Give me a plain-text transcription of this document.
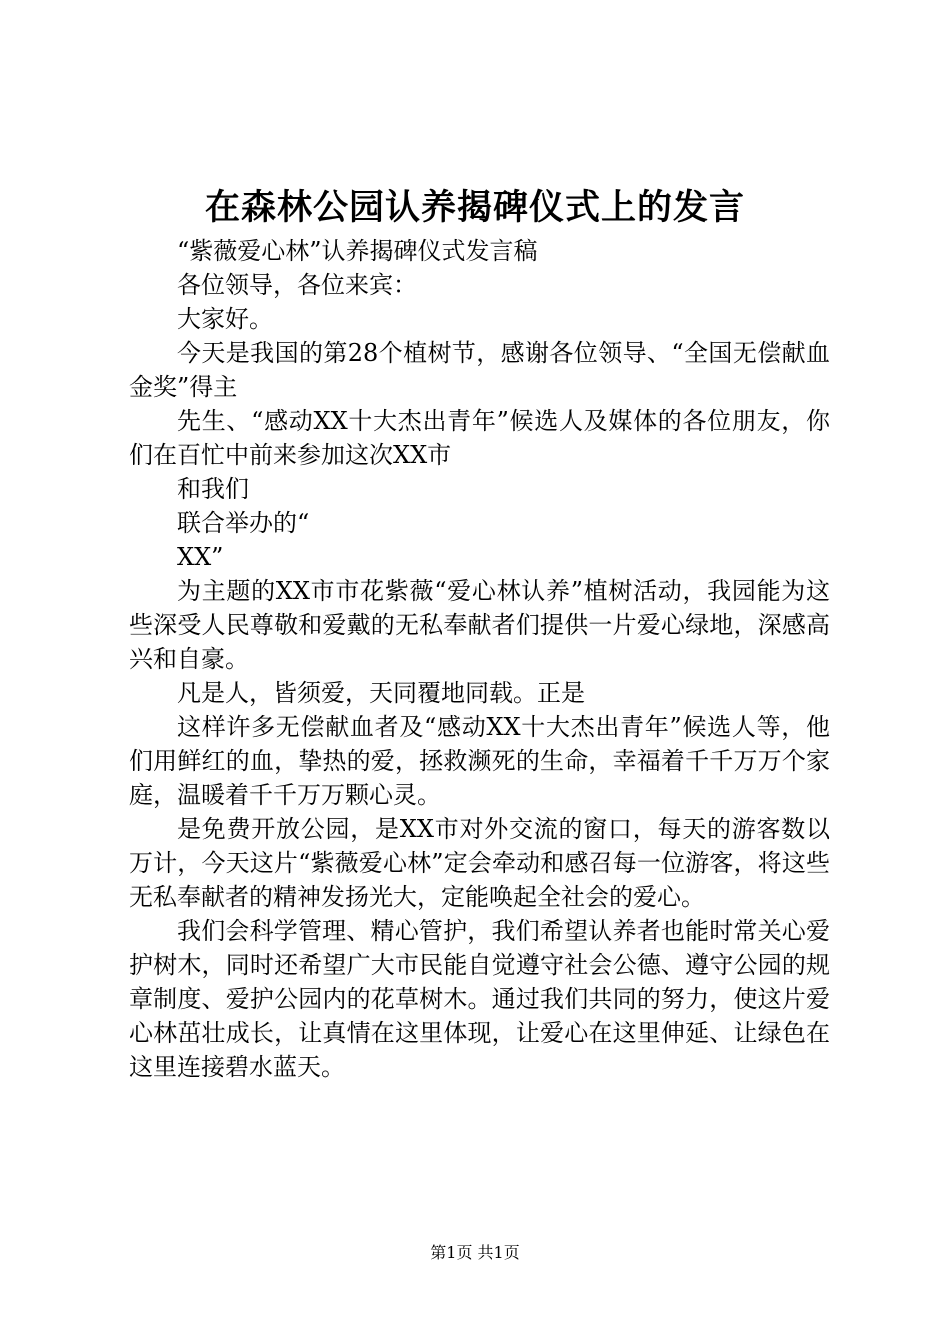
在森林公园认养揭碑仪式上的发言

“紫薇爱心林”认养揭碑仪式发言稿

各位领导，各位来宾：

大家好。

今天是我国的第28个植树节，感谢各位领导、“全国无偿献血金奖”得主

先生、“感动XX十大杰出青年”候选人及媒体的各位朋友，你们在百忙中前来参加这次XX市

和我们

联合举办的“

XX”

为主题的XX市市花紫薇“爱心林认养”植树活动，我园能为这些深受人民尊敬和爱戴的无私奉献者们提供一片爱心绿地，深感高兴和自豪。

凡是人，皆须爱，天同覆地同载。正是

这样许多无偿献血者及“感动XX十大杰出青年”候选人等，他们用鲜红的血，挚热的爱，拯救濒死的生命，幸福着千千万万个家庭，温暖着千千万万颗心灵。

是免费开放公园，是XX市对外交流的窗口，每天的游客数以万计，今天这片“紫薇爱心林”定会牵动和感召每一位游客，将这些无私奉献者的精神发扬光大，定能唤起全社会的爱心。

我们会科学管理、精心管护，我们希望认养者也能时常关心爱护树木，同时还希望广大市民能自觉遵守社会公德、遵守公园的规章制度、爱护公园内的花草树木。通过我们共同的努力，使这片爱心林茁壮成长，让真情在这里体现，让爱心在这里伸延、让绿色在这里连接碧水蓝天。

第1页 共1页
